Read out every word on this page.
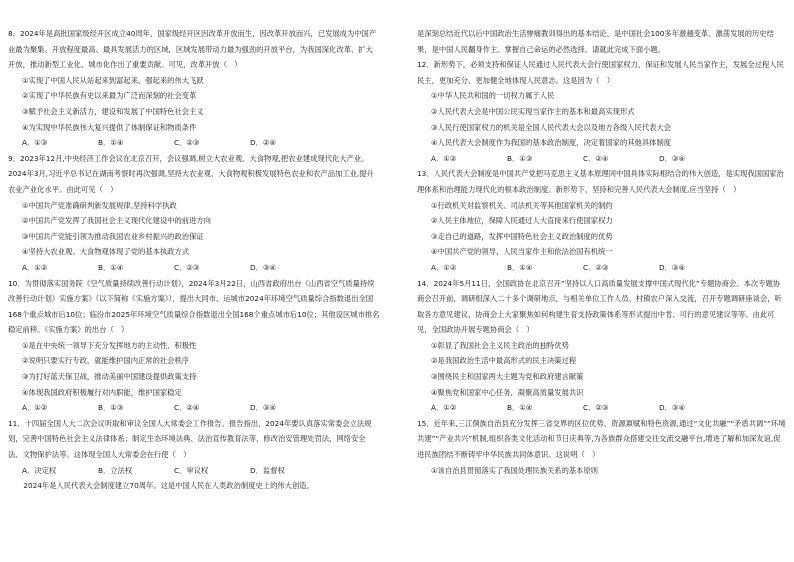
8．2024年是高批国家级经开区成立40周年，国家级经开区因改革开放而生，因改革开放而兴，已发展成为中国产业最为聚集、开放程度最高、最具发展活力的区域，区域发展带动力最为强劲的开放平台，为我国深化改革、扩大开放，推动新型工业化、城市化作出了重要贡献。可见，改革开放（　）
①实现了中国人民从站起来到富起来、强起来的伟大飞跃
②实现了中华民族有史以来最为广泛而深刻的社会变革
③赋予社会主义新活力，建设和发展了中国特色社会主义
④为实现中华民族伟大复兴提供了体制保证和物质条件
A．①③	B．①④	C．②③	D．②④
9．2023年12月,中央经济工作会议在北京召开，会议强调,树立大农业观、大食物观,把农业建成现代化大产业。2024年3月,习近平总书记在湖南考察时再次强调,坚持大农业观、大食物观积极发展特色农业和农产品加工业,提升农业产业化水平。由此可见（　）
①中国共产党准确研判新发展规律,坚持科学执政
②中国共产党发挥了我国社会主义现代化建设中的前进方向
③中国共产党能引领为推动我国农业乡村振兴的政治保证
④坚持大农业观、大食物观体现了党的基本执政方式
A．①②	B．①④	C．②③	D．③④
10．为贯彻落实国务院《空气质量持续改善行动计划》，2024年3月22日，山西省政府出台《山西省空气质量持续改善行动计划》实施方案》（以下简称《实施方案》），提出大同市、运城市2024年环境空气质量综合指数退出全国168个重点城市后10位；临汾市2025年环境空气质量综合指数退出全国168个重点城市后10位；其他设区城市排名稳定前移。《实施方案》的出台（　）
①是在中央统一领导下充分发挥地方的主动性、积极性
②说明只要实行专政，就能维护国内正常的社会秩序
③为打好蓝天保卫战，推动美丽中国建设提供政策支持
④体现我国政府积极履行对内职能，维护国家稳定
A．①②	B．①③	C．②④	D．③④
11．十四届全国人大二次会议听取和审议全国人大常委会工作报告。报告指出，2024年要认真落实常委会立法规划，完善中国特色社会主义法律体系；制定生态环境法典、法治宣传教育法等，修改治安管理处罚法、网络安全法、文物保护法等。这体现全国人大常委会在行使（　）
A．决定权	B．立法权	C．审议权	D．监督权
2024年是人民代表大会制度建立70周年。这是中国人民在人类政治制度史上的伟大创造，
是深刻总结近代以后中国政治生活惨痛教训得出的基本结论，是中国社会100多年激越变革、激荡发展的历史结果，是中国人民翻身作主、掌握自己命运的必然选择。请就此完成下面小题。
12．新形势下，必须支持和保证人民通过人民代表大会行使国家权力，保证和发展人民当家作主，发展全过程人民民主，更加充分、更加健全地体现人民意志。这是因为（　）
①中华人民共和国的一切权力属于人民
②人民代表大会是中国公民实现当家作主的基本和最高实现形式
③人民行使国家权力的机关是全国人民代表大会以及地方各级人民代表大会
④人民代表大会制度作为我国的基本政治制度，决定着国家的其他具体制度
A．①②	B．①③	C．②④	D．③④
13．人民代表大会制度是中国共产党把马克思主义基本原理同中国具体实际相结合的伟大创造，是实现我国国家治理体系和治理能力现代化的根本政治制度。新形势下，坚持和完善人民代表大会制度,应当坚持（　）
①行政机关对监察机关、司法机关等其他国家机关的制约
②人民主体地位，保障人民通过人大直接来行使国家权力
③走自己的道路，发挥中国特色社会主义政治制度的优势
④中国共产党的领导、人民当家作主和依法治国有机统一
A．①②	B．①④	C．②③	D．③④
14．2024年5月11日，全国政协在北京召开“坚持以人口高质量发展支撑中国式现代化”专题协商会。本次专题协商会召开前，调研组深入二十多个调研地点，与相关单位工作人员、村镇农户深入交流，召开专题调研座谈会，听取各方意见建议，协商会上大家聚焦如何构建生育支持政策体系等形式提出中肯、可行的意见建议等等。由此可见，全国政协开展专题协商会（　）
①彰显了我国社会主义民主政治的独特优势
②是我国政治生活中最高形式的民主决策过程
③围绕民主和国家两大主题为党和政府建言献策
④聚焦党和国家中心任务，凝聚高质量发展共识
A．①②	B．①④	C．②③	D．③④
15．近年来,三江侗族自治县充分发挥三省交界的区位优势、资源禀赋和特色资源,通过“文化共融”“矛盾共调”“环境共建”“产业共兴”机制,组织各类文化活动和节日庆典等,为各族群众搭建交往交流交融平台,增进了解和加深友谊,促进民族团结不断铸牢中华民族共同体意识。这说明（　）
①该自治县贯彻落实了我国处理民族关系的基本原则
